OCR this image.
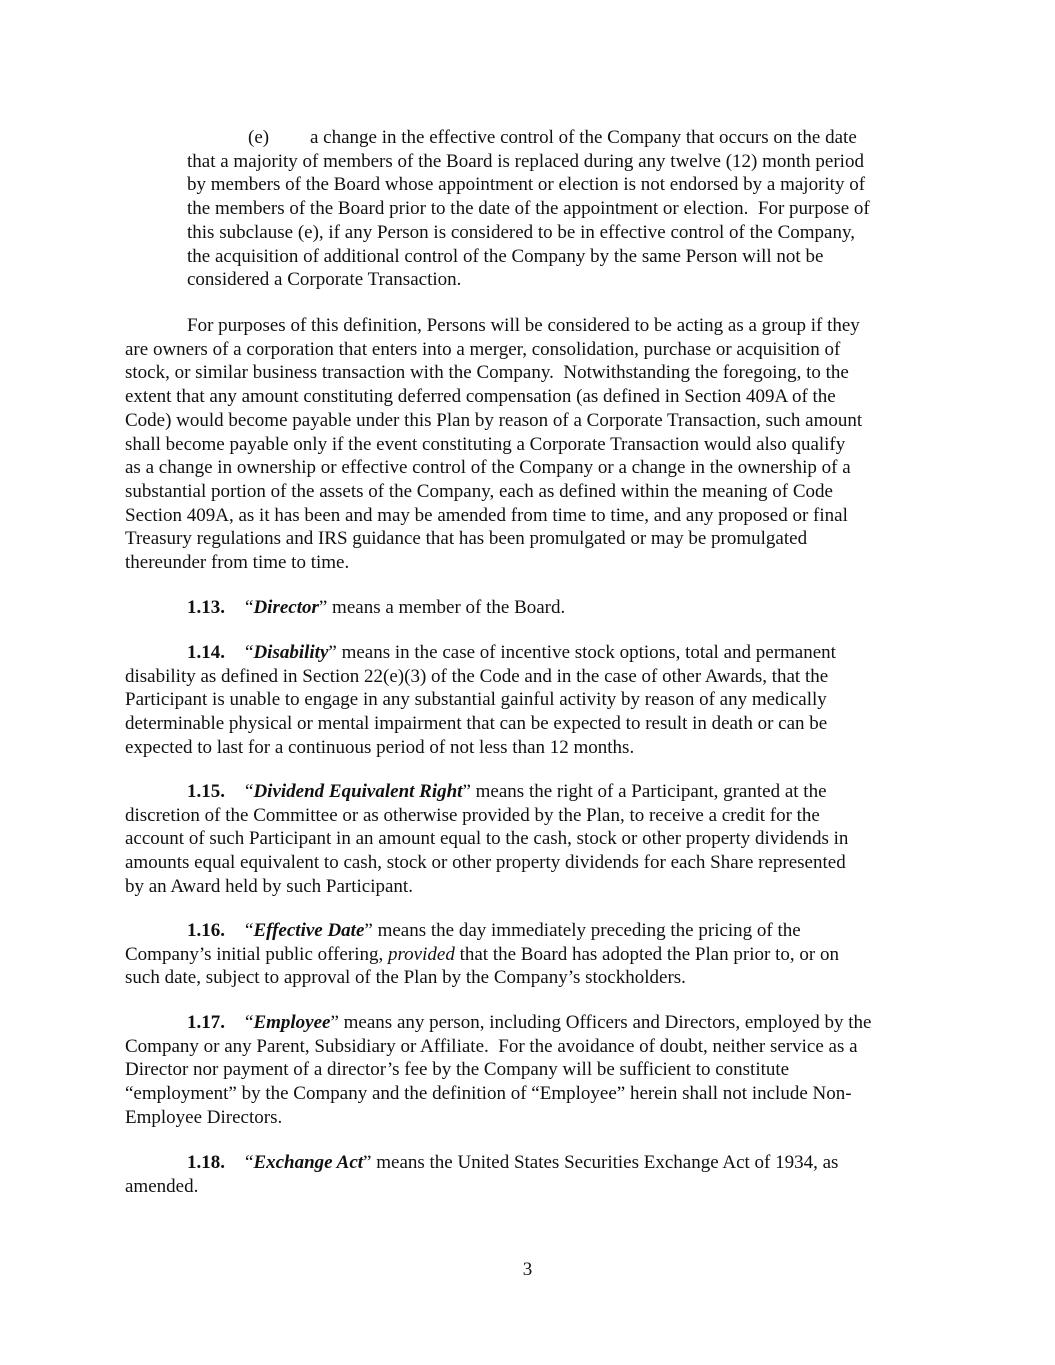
(e) a change in the effective control of the Company that occurs on the date
that a majority of members of the Board is replaced during any twelve (12) month period
by members of the Board whose appointment or election is not endorsed by a majority of
the members of the Board prior to the date of the appointment or election.  For purpose of
this subclause (e), if any Person is considered to be in effective control of the Company,
the acquisition of additional control of the Company by the same Person will not be
considered a Corporate Transaction.
For purposes of this definition, Persons will be considered to be acting as a group if they
are owners of a corporation that enters into a merger, consolidation, purchase or acquisition of
stock, or similar business transaction with the Company.  Notwithstanding the foregoing, to the
extent that any amount constituting deferred compensation (as defined in Section 409A of the
Code) would become payable under this Plan by reason of a Corporate Transaction, such amount
shall become payable only if the event constituting a Corporate Transaction would also qualify
as a change in ownership or effective control of the Company or a change in the ownership of a
substantial portion of the assets of the Company, each as defined within the meaning of Code
Section 409A, as it has been and may be amended from time to time, and any proposed or final
Treasury regulations and IRS guidance that has been promulgated or may be promulgated
thereunder from time to time.
1.13. “Director” means a member of the Board.
1.14. “Disability” means in the case of incentive stock options, total and permanent
disability as defined in Section 22(e)(3) of the Code and in the case of other Awards, that the
Participant is unable to engage in any substantial gainful activity by reason of any medically
determinable physical or mental impairment that can be expected to result in death or can be
expected to last for a continuous period of not less than 12 months.
1.15. “Dividend Equivalent Right” means the right of a Participant, granted at the
discretion of the Committee or as otherwise provided by the Plan, to receive a credit for the
account of such Participant in an amount equal to the cash, stock or other property dividends in
amounts equal equivalent to cash, stock or other property dividends for each Share represented
by an Award held by such Participant.
1.16. “Effective Date” means the day immediately preceding the pricing of the
Company’s initial public offering, provided that the Board has adopted the Plan prior to, or on
such date, subject to approval of the Plan by the Company’s stockholders.
1.17. “Employee” means any person, including Officers and Directors, employed by the
Company or any Parent, Subsidiary or Affiliate.  For the avoidance of doubt, neither service as a
Director nor payment of a director’s fee by the Company will be sufficient to constitute
“employment” by the Company and the definition of “Employee” herein shall not include Non-
Employee Directors.
1.18. “Exchange Act” means the United States Securities Exchange Act of 1934, as
amended.
3
